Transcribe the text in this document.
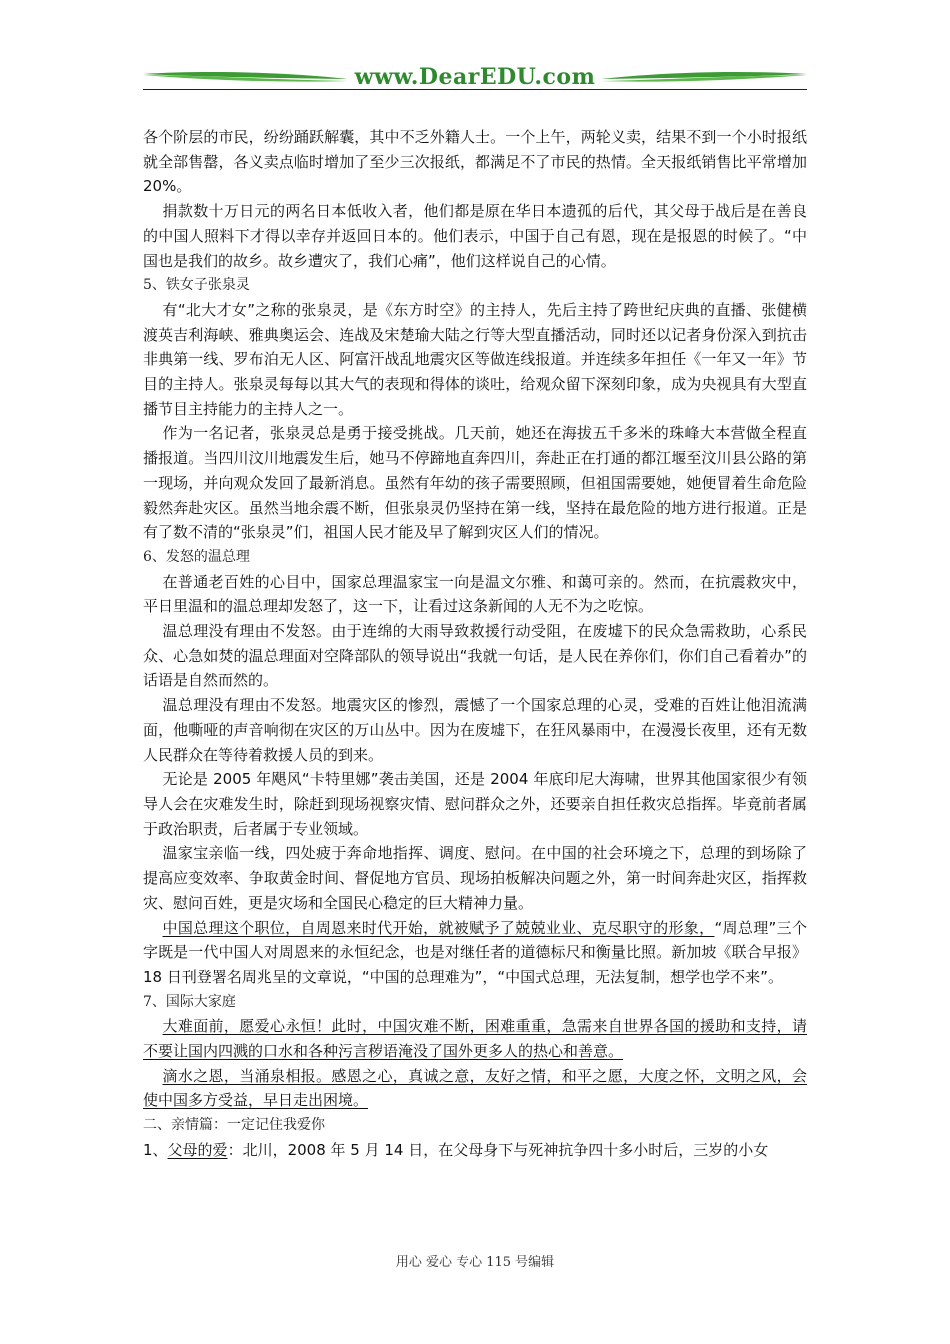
www.DearEDU.com

各个阶层的市民，纷纷踊跃解囊，其中不乏外籍人士。一个上午，两轮义卖，结果不到一个小时报纸就全部售罄，各义卖点临时增加了至少三次报纸，都满足不了市民的热情。全天报纸销售比平常增加 20%。

捐款数十万日元的两名日本低收入者，他们都是原在华日本遗孤的后代，其父母于战后是在善良的中国人照料下才得以幸存并返回日本的。他们表示，中国于自己有恩，现在是报恩的时候了。“中国也是我们的故乡。故乡遭灾了，我们心痛”，他们这样说自己的心情。

5、铁女子张泉灵

有“北大才女”之称的张泉灵，是《东方时空》的主持人，先后主持了跨世纪庆典的直播、张健横渡英吉利海峡、雅典奥运会、连战及宋楚瑜大陆之行等大型直播活动，同时还以记者身份深入到抗击非典第一线、罗布泊无人区、阿富汗战乱地震灾区等做连线报道。并连续多年担任《一年又一年》节目的主持人。张泉灵每每以其大气的表现和得体的谈吐，给观众留下深刻印象，成为央视具有大型直播节目主持能力的主持人之一。

作为一名记者，张泉灵总是勇于接受挑战。几天前，她还在海拔五千多米的珠峰大本营做全程直播报道。当四川汶川地震发生后，她马不停蹄地直奔四川，奔赴正在打通的都江堰至汶川县公路的第一现场，并向观众发回了最新消息。虽然有年幼的孩子需要照顾，但祖国需要她，她便冒着生命危险毅然奔赴灾区。虽然当地余震不断，但张泉灵仍坚持在第一线，坚持在最危险的地方进行报道。正是有了数不清的“张泉灵”们，祖国人民才能及早了解到灾区人们的情况。

6、发怒的温总理

在普通老百姓的心目中，国家总理温家宝一向是温文尔雅、和蔼可亲的。然而，在抗震救灾中，平日里温和的温总理却发怒了，这一下，让看过这条新闻的人无不为之吃惊。

温总理没有理由不发怒。由于连绵的大雨导致救援行动受阻，在废墟下的民众急需救助，心系民众、心急如焚的温总理面对空降部队的领导说出“我就一句话，是人民在养你们，你们自己看着办”的话语是自然而然的。

温总理没有理由不发怒。地震灾区的惨烈，震憾了一个国家总理的心灵，受难的百姓让他泪流满面，他嘶哑的声音响彻在灾区的万山丛中。因为在废墟下，在狂风暴雨中，在漫漫长夜里，还有无数人民群众在等待着救援人员的到来。

无论是 2005 年飓风“卡特里娜”袭击美国，还是 2004 年底印尼大海啸，世界其他国家很少有领导人会在灾难发生时，除赶到现场视察灾情、慰问群众之外，还要亲自担任救灾总指挥。毕竟前者属于政治职责，后者属于专业领域。

温家宝亲临一线，四处疲于奔命地指挥、调度、慰问。在中国的社会环境之下，总理的到场除了提高应变效率、争取黄金时间、督促地方官员、现场拍板解决问题之外，第一时间奔赴灾区，指挥救灾、慰问百姓，更是灾场和全国民心稳定的巨大精神力量。

中国总理这个职位，自周恩来时代开始，就被赋予了兢兢业业、克尽职守的形象，“周总理”三个字既是一代中国人对周恩来的永恒纪念，也是对继任者的道德标尺和衡量比照。新加坡《联合早报》18 日刊登署名周兆呈的文章说，“中国的总理难为”，“中国式总理，无法复制，想学也学不来”。

7、国际大家庭

大难面前，愿爱心永恒！此时，中国灾难不断，困难重重，急需来自世界各国的援助和支持，请不要让国内四溅的口水和各种污言秽语淹没了国外更多人的热心和善意。

滴水之恩，当涌泉相报。感恩之心，真诚之意，友好之情，和平之愿，大度之怀，文明之风，会使中国多方受益，早日走出困境。

二、亲情篇：一定记住我爱你

1、父母的爱：北川，2008 年 5 月 14 日，在父母身下与死神抗争四十多小时后，三岁的小女

用心 爱心 专心 115 号编辑
